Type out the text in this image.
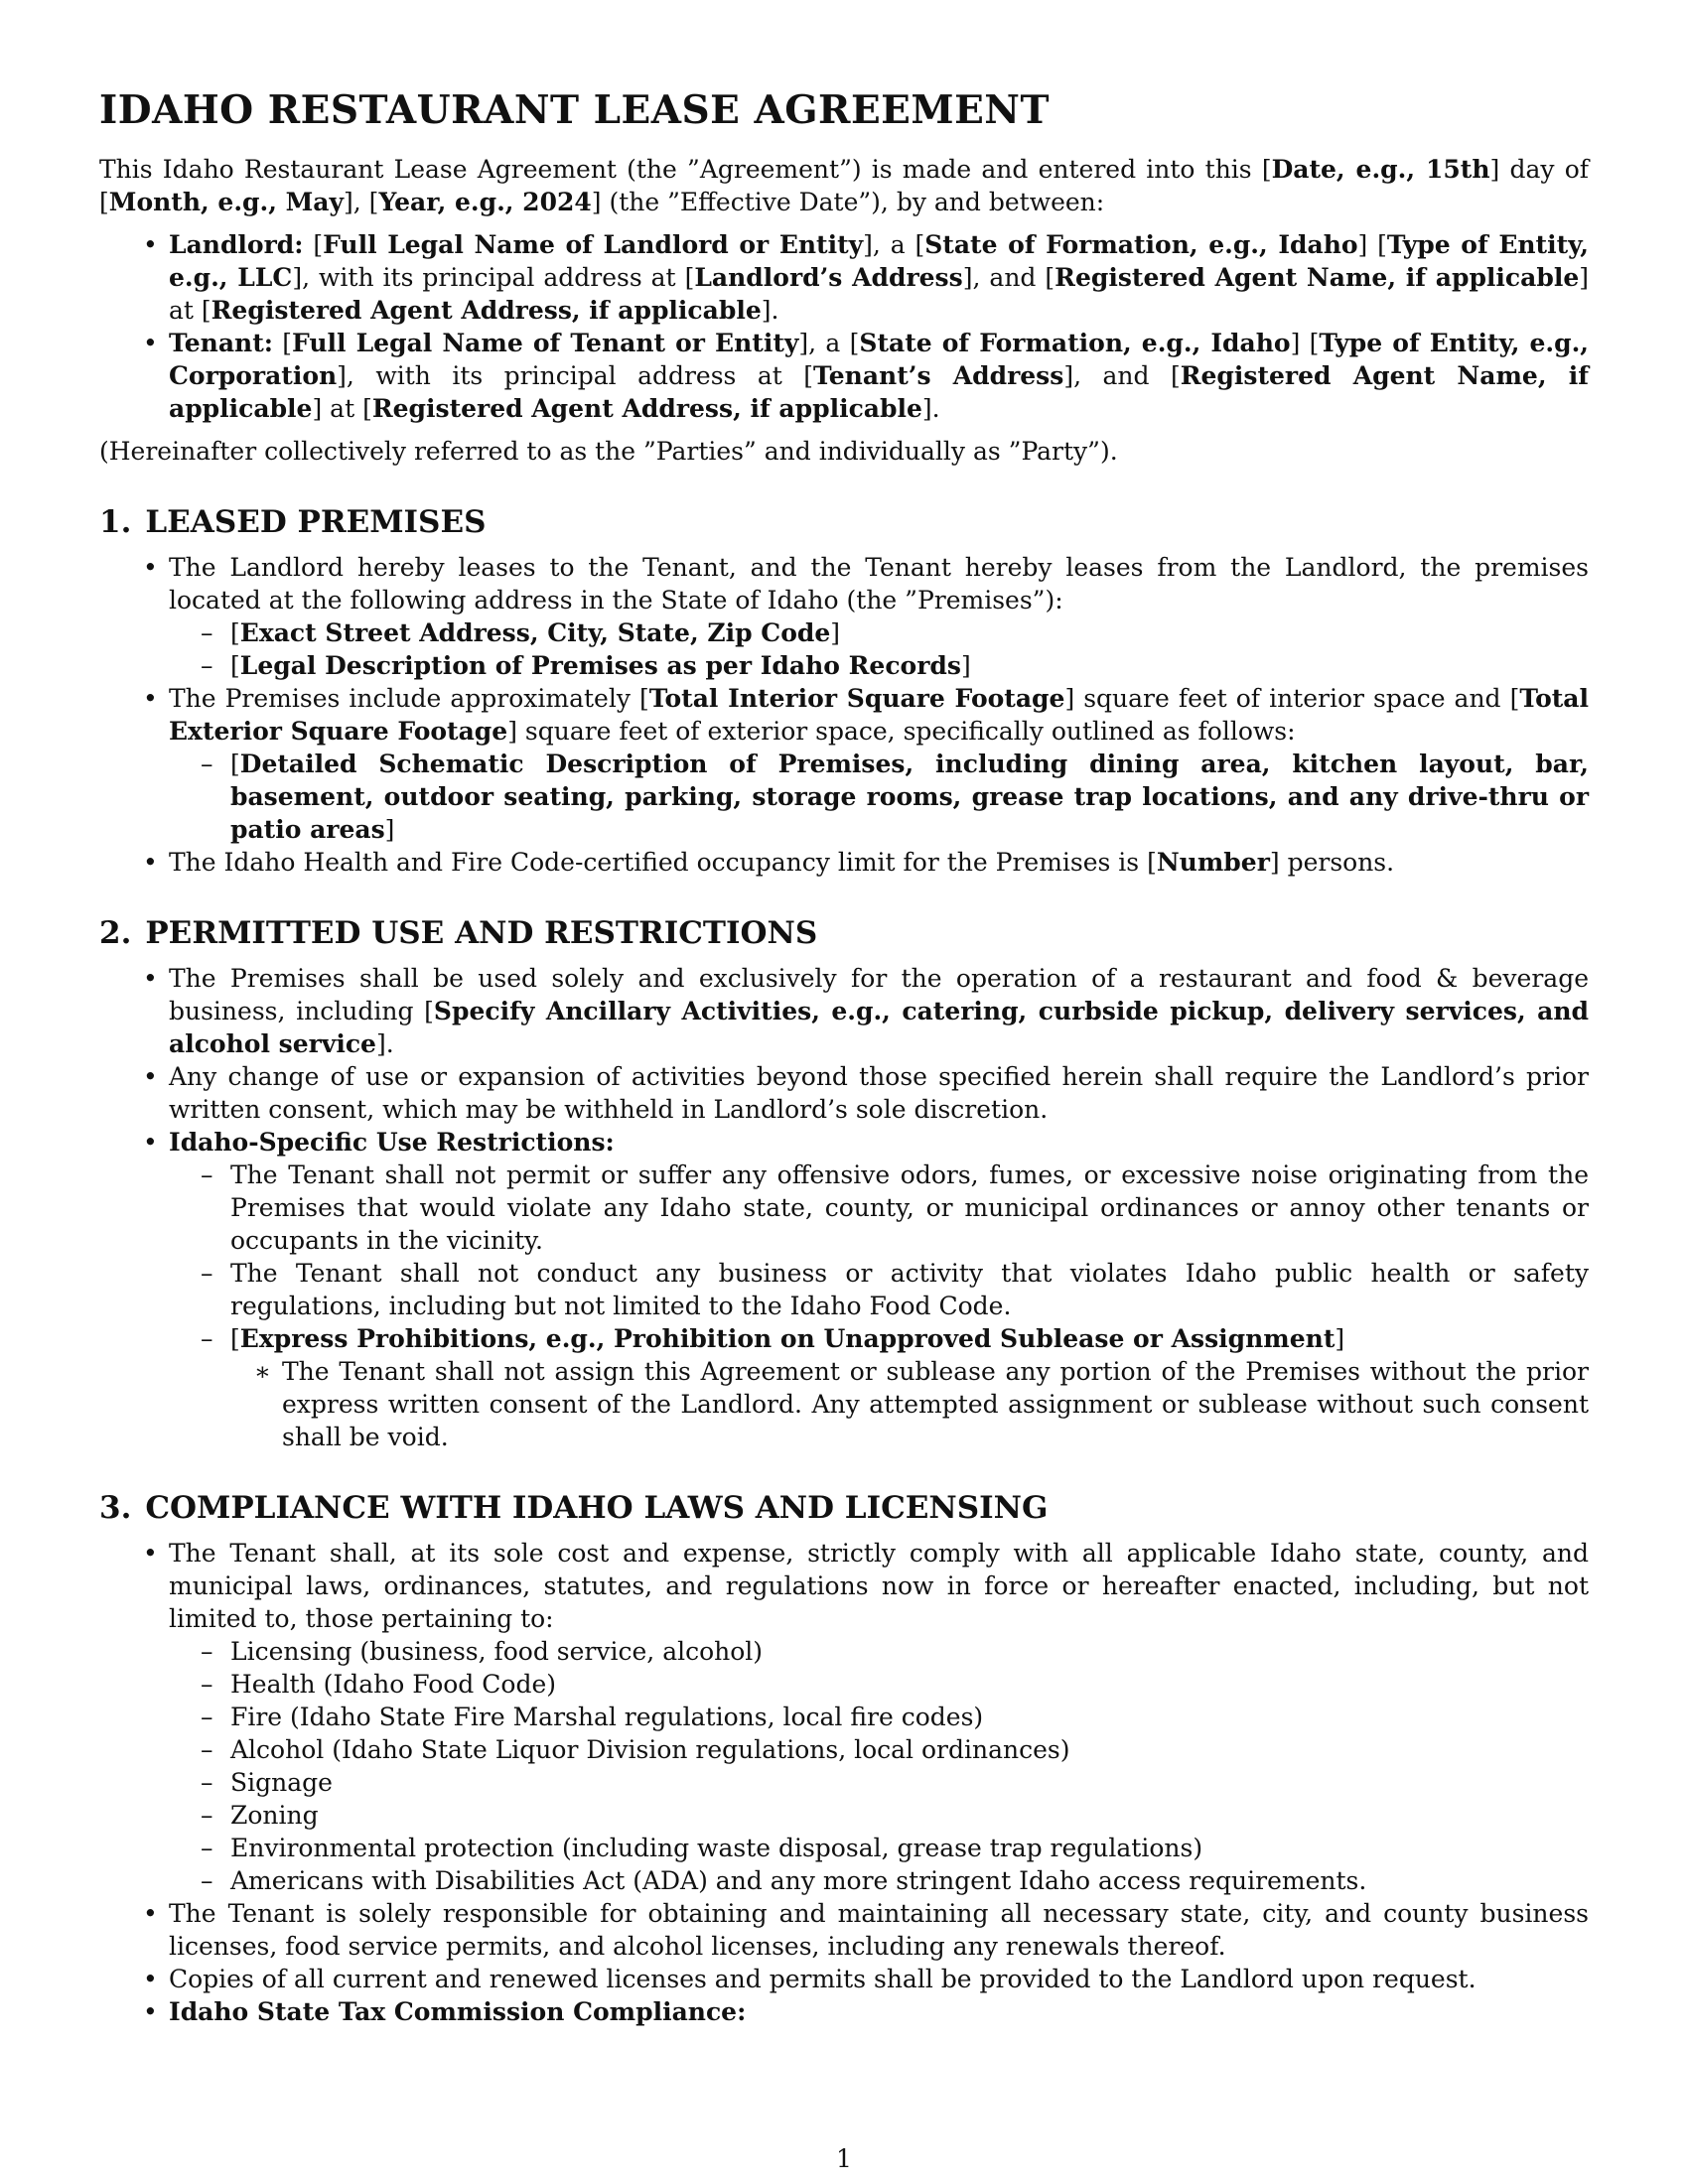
IDAHO RESTAURANT LEASE AGREEMENT

This Idaho Restaurant Lease Agreement (the ”Agreement”) is made and entered into this [Date, e.g., 15th] day of [Month, e.g., May], [Year, e.g., 2024] (the ”Effective Date”), by and between:

• Landlord: [Full Legal Name of Landlord or Entity], a [State of Formation, e.g., Idaho] [Type of Entity, e.g., LLC], with its principal address at [Landlord’s Address], and [Registered Agent Name, if applicable] at [Registered Agent Address, if applicable].
• Tenant: [Full Legal Name of Tenant or Entity], a [State of Formation, e.g., Idaho] [Type of Entity, e.g., Corporation], with its principal address at [Tenant’s Address], and [Registered Agent Name, if applicable] at [Registered Agent Address, if applicable].

(Hereinafter collectively referred to as the ”Parties” and individually as ”Party”).

1. LEASED PREMISES
• The Landlord hereby leases to the Tenant, and the Tenant hereby leases from the Landlord, the premises located at the following address in the State of Idaho (the ”Premises”):
– [Exact Street Address, City, State, Zip Code]
– [Legal Description of Premises as per Idaho Records]
• The Premises include approximately [Total Interior Square Footage] square feet of interior space and [Total Exterior Square Footage] square feet of exterior space, specifically outlined as follows:
– [Detailed Schematic Description of Premises, including dining area, kitchen layout, bar, basement, outdoor seating, parking, storage rooms, grease trap locations, and any drive-thru or patio areas]
• The Idaho Health and Fire Code-certified occupancy limit for the Premises is [Number] persons.
2. PERMITTED USE AND RESTRICTIONS
• The Premises shall be used solely and exclusively for the operation of a restaurant and food & beverage business, including [Specify Ancillary Activities, e.g., catering, curbside pickup, delivery services, and alcohol service].
• Any change of use or expansion of activities beyond those specified herein shall require the Landlord’s prior written consent, which may be withheld in Landlord’s sole discretion.
• Idaho-Specific Use Restrictions:
– The Tenant shall not permit or suffer any offensive odors, fumes, or excessive noise originating from the Premises that would violate any Idaho state, county, or municipal ordinances or annoy other tenants or occupants in the vicinity.
– The Tenant shall not conduct any business or activity that violates Idaho public health or safety regulations, including but not limited to the Idaho Food Code.
– [Express Prohibitions, e.g., Prohibition on Unapproved Sublease or Assignment]
∗ The Tenant shall not assign this Agreement or sublease any portion of the Premises without the prior express written consent of the Landlord. Any attempted assignment or sublease without such consent shall be void.
3. COMPLIANCE WITH IDAHO LAWS AND LICENSING
• The Tenant shall, at its sole cost and expense, strictly comply with all applicable Idaho state, county, and municipal laws, ordinances, statutes, and regulations now in force or hereafter enacted, including, but not limited to, those pertaining to:
– Licensing (business, food service, alcohol)
– Health (Idaho Food Code)
– Fire (Idaho State Fire Marshal regulations, local fire codes)
– Alcohol (Idaho State Liquor Division regulations, local ordinances)
– Signage
– Zoning
– Environmental protection (including waste disposal, grease trap regulations)
– Americans with Disabilities Act (ADA) and any more stringent Idaho access requirements.
• The Tenant is solely responsible for obtaining and maintaining all necessary state, city, and county business licenses, food service permits, and alcohol licenses, including any renewals thereof.
• Copies of all current and renewed licenses and permits shall be provided to the Landlord upon request.
• Idaho State Tax Commission Compliance:
1
